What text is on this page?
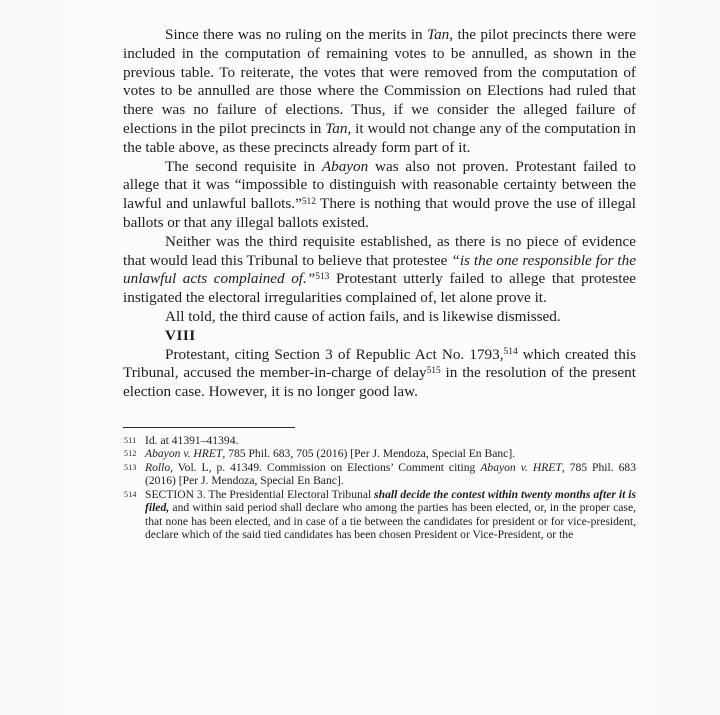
Since there was no ruling on the merits in Tan, the pilot precincts there were included in the computation of remaining votes to be annulled, as shown in the previous table. To reiterate, the votes that were removed from the computation of votes to be annulled are those where the Commission on Elections had ruled that there was no failure of elections. Thus, if we consider the alleged failure of elections in the pilot precincts in Tan, it would not change any of the computation in the table above, as these precincts already form part of it.

The second requisite in Abayon was also not proven. Protestant failed to allege that it was “impossible to distinguish with reasonable certainty between the lawful and unlawful ballots.”$^{512}$ There is nothing that would prove the use of illegal ballots or that any illegal ballots existed.

Neither was the third requisite established, as there is no piece of evidence that would lead this Tribunal to believe that protestee “is the one responsible for the unlawful acts complained of.”$^{513}$ Protestant utterly failed to allege that protestee instigated the electoral irregularities complained of, let alone prove it.

All told, the third cause of action fails, and is likewise dismissed.

VIII

Protestant, citing Section 3 of Republic Act No. 1793,$^{514}$ which created this Tribunal, accused the member-in-charge of delay$^{515}$ in the resolution of the present election case. However, it is no longer good law.

511 Id. at 41391–41394.

512 Abayon v. HRET, 785 Phil. 683, 705 (2016) [Per J. Mendoza, Special En Banc].

513 Rollo, Vol. L, p. 41349. Commission on Elections’ Comment citing Abayon v. HRET, 785 Phil. 683 (2016) [Per J. Mendoza, Special En Banc].

514 SECTION 3. The Presidential Electoral Tribunal shall decide the contest within twenty months after it is filed, and within said period shall declare who among the parties has been elected, or, in the proper case, that none has been elected, and in case of a tie between the candidates for president or for vice-president, declare which of the said tied candidates has been chosen President or Vice-President, or the
